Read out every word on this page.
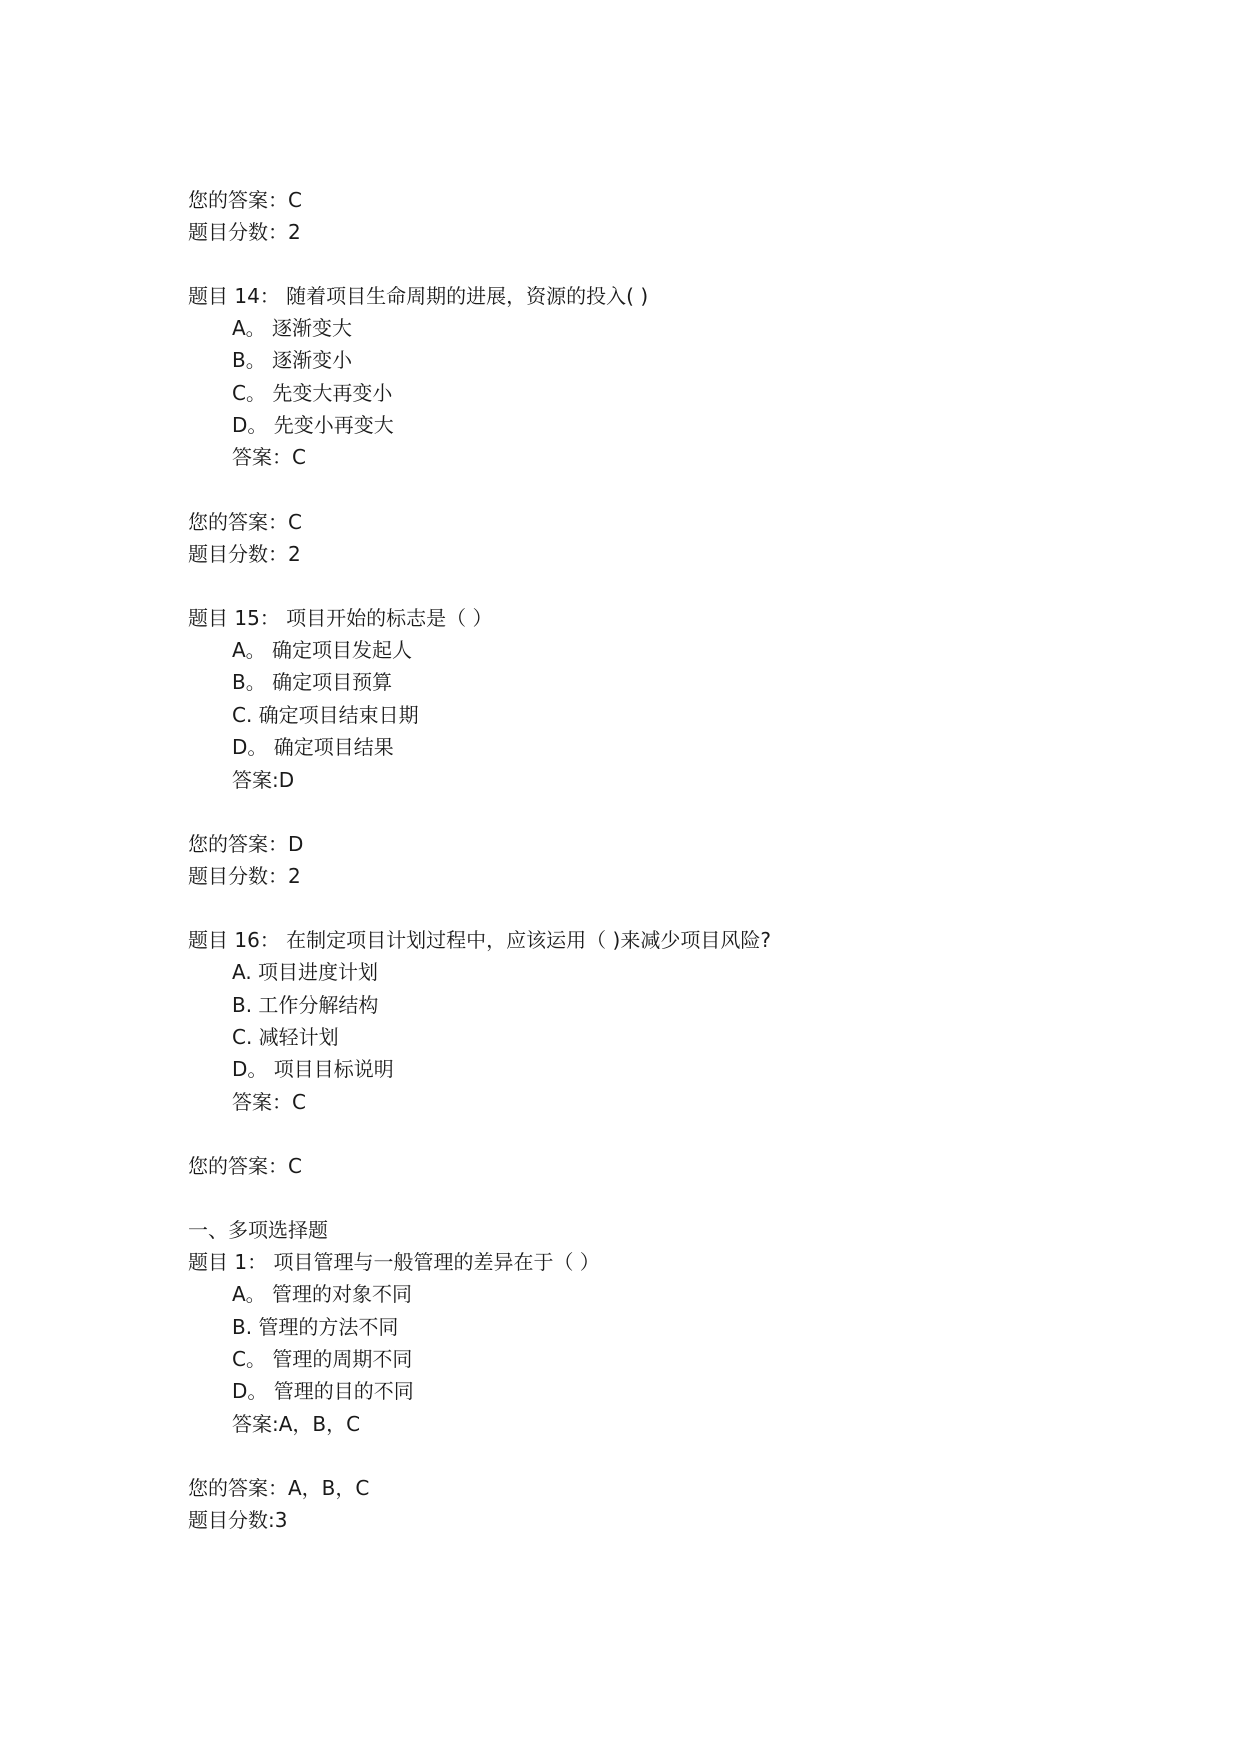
您的答案：C
题目分数：2
题目 14： 随着项目生命周期的进展，资源的投入( )
A。 逐渐变大
B。 逐渐变小
C。 先变大再变小
D。 先变小再变大
答案：C
您的答案：C
题目分数：2
题目 15： 项目开始的标志是（ ）
A。 确定项目发起人
B。 确定项目预算
C. 确定项目结束日期
D。 确定项目结果
答案:D
您的答案：D
题目分数：2
题目 16： 在制定项目计划过程中，应该运用（ )来减少项目风险?
A. 项目进度计划
B. 工作分解结构
C. 减轻计划
D。 项目目标说明
答案：C
您的答案：C
一、多项选择题
题目 1： 项目管理与一般管理的差异在于（ ）
A。 管理的对象不同
B. 管理的方法不同
C。 管理的周期不同
D。 管理的目的不同
答案:A，B，C
您的答案：A，B，C
题目分数:3
